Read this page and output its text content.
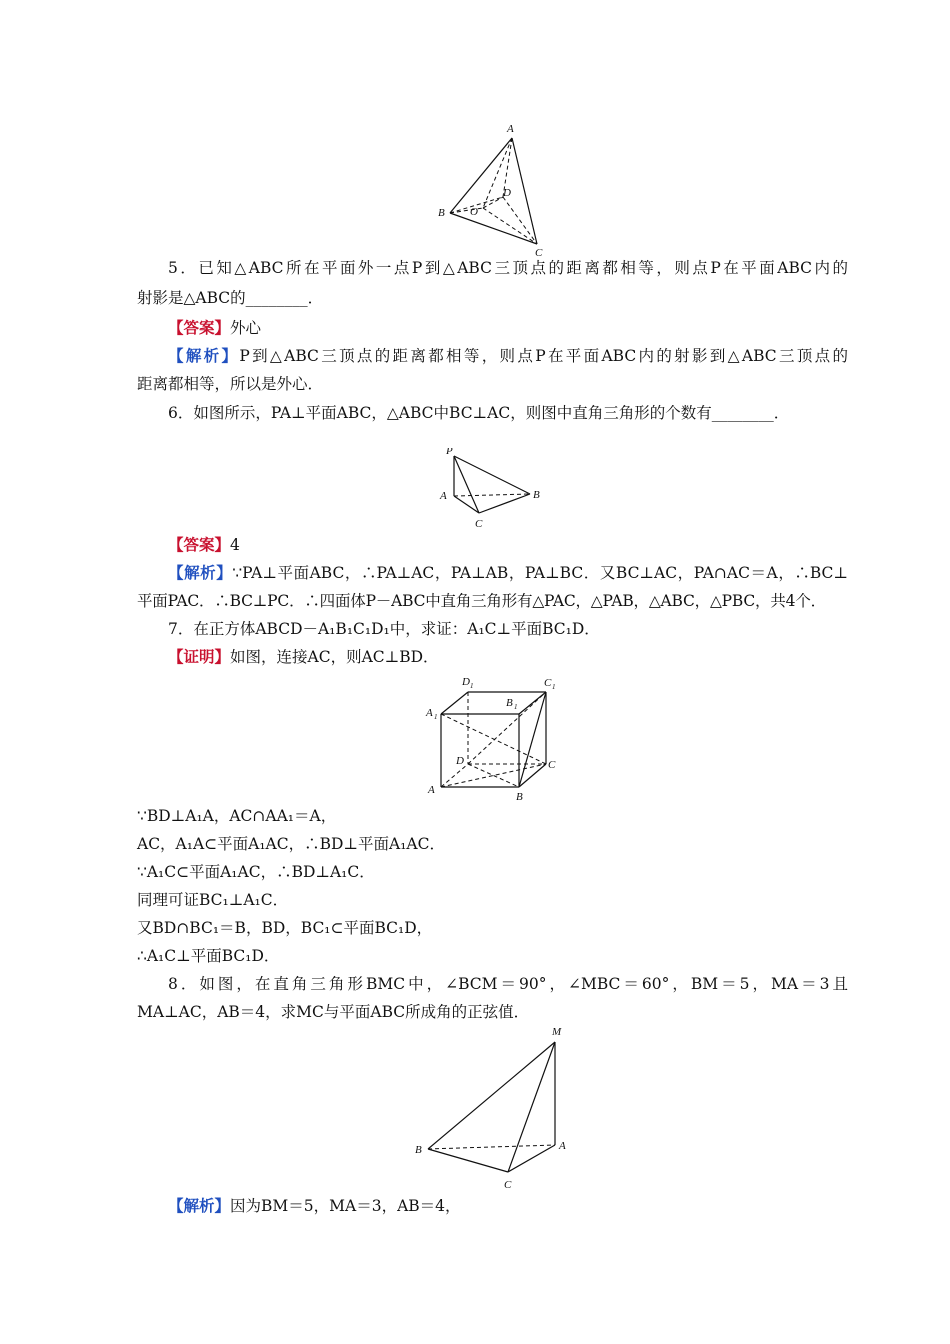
A
B
C
D
O
5．已知△ABC所在平面外一点P到△ABC三顶点的距离都相等，则点P在平面ABC内的
射影是△ABC的________．
【答案】外心
【解析】P到△ABC三顶点的距离都相等，则点P在平面ABC内的射影到△ABC三顶点的
距离都相等，所以是外心．
6．如图所示，PA⊥平面ABC，△ABC中BC⊥AC，则图中直角三角形的个数有________．
P
A	B
C
【答案】4
【解析】∵PA⊥平面ABC，∴PA⊥AC，PA⊥AB，PA⊥BC．又BC⊥AC，PA∩AC＝A，∴BC⊥
平面PAC．∴BC⊥PC．∴四面体P－ABC中直角三角形有△PAC，△PAB，△ABC，△PBC，共4个．
7．在正方体ABCD－A₁B₁C₁D₁中，求证：A₁C⊥平面BC₁D．
【证明】如图，连接AC，则AC⊥BD．
D 1	C 1
B 1
A 1
D	C
A
B
∵BD⊥A₁A，AC∩AA₁＝A，
AC，A₁A⊂平面A₁AC，∴BD⊥平面A₁AC．
∵A₁C⊂平面A₁AC，∴BD⊥A₁C．
同理可证BC₁⊥A₁C．
又BD∩BC₁＝B，BD，BC₁⊂平面BC₁D，
∴A₁C⊥平面BC₁D．
8．如图，在直角三角形BMC中，∠BCM＝90°，∠MBC＝60°，BM＝5，MA＝3且
MA⊥AC，AB＝4，求MC与平面ABC所成角的正弦值．
M
A
B
C
【解析】因为BM＝5，MA＝3，AB＝4，
